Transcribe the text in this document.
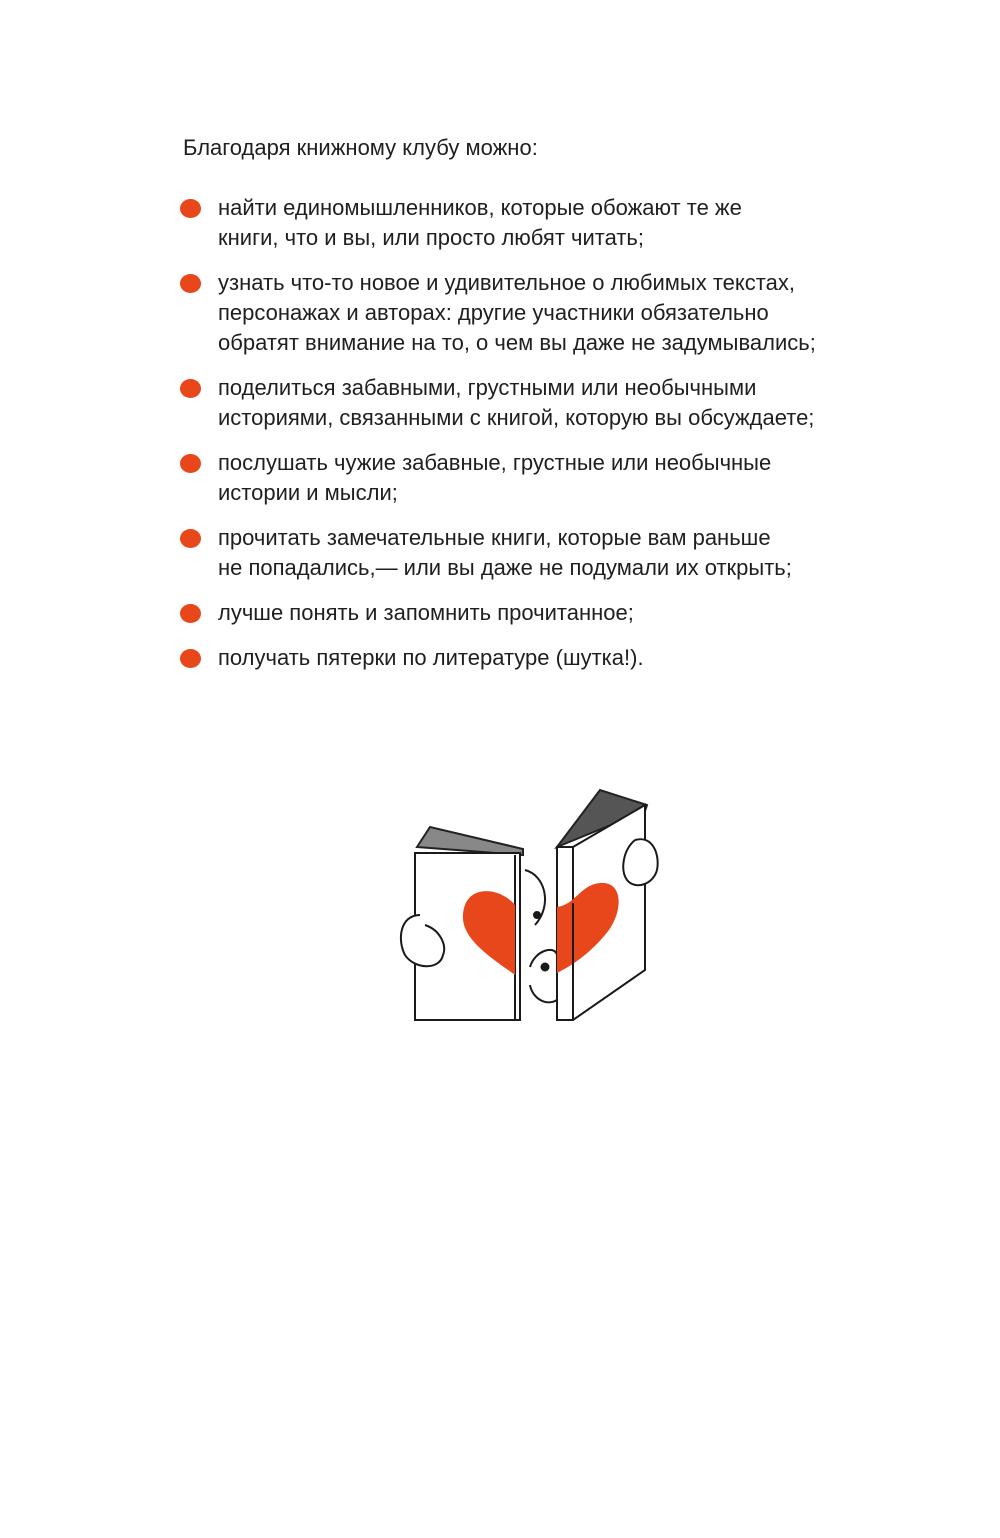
Благодаря книжному клубу можно:
найти единомышленников, которые обожают те же
книги, что и вы, или просто любят читать;
узнать что-то новое и удивительное о любимых текстах,
персонажах и авторах: другие участники обязательно
обратят внимание на то, о чем вы даже не задумывались;
поделиться забавными, грустными или необычными
историями, связанными с книгой, которую вы обсуждаете;
послушать чужие забавные, грустные или необычные
истории и мысли;
прочитать замечательные книги, которые вам раньше
не попадались,— или вы даже не подумали их открыть;
лучше понять и запомнить прочитанное;
получать пятерки по литературе (шутка!).
